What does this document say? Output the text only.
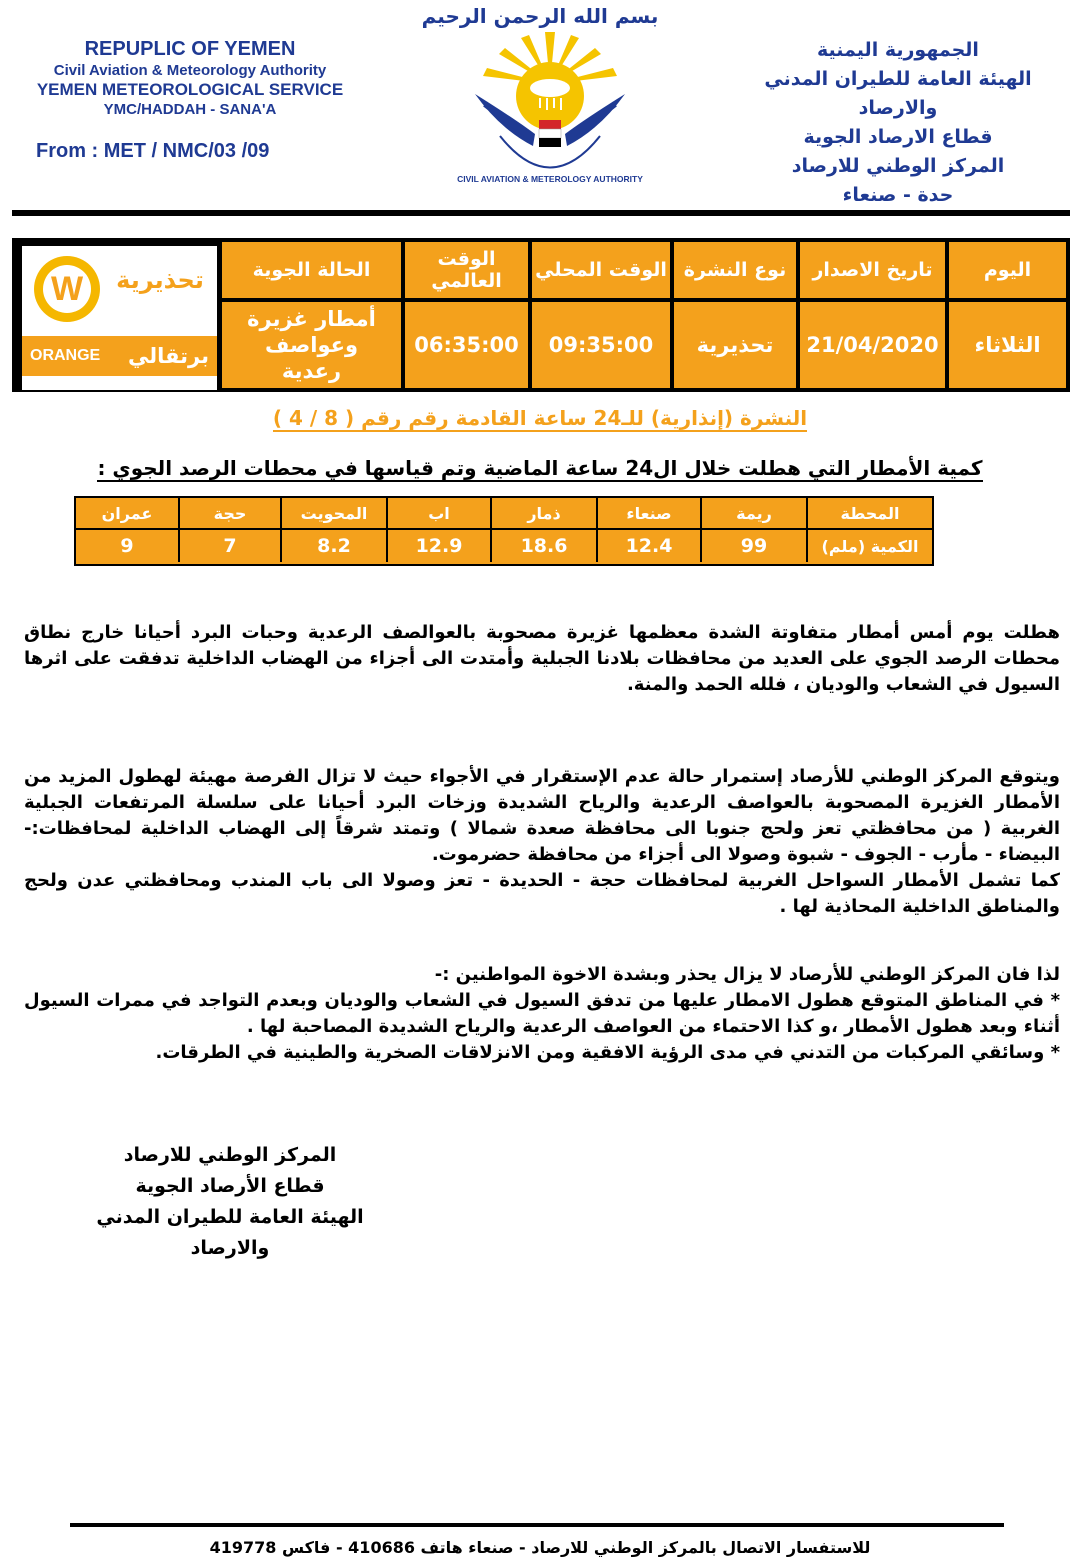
بسم الله الرحمن الرحيم
REPUPLIC OF YEMEN
Civil Aviation & Meteorology Authority
YEMEN METEOROLOGICAL SERVICE
YMC/HADDAH - SANA'A
From : MET / NMC/03 /09
الجمهورية اليمنية
الهيئة العامة للطيران المدني والارصاد
قطاع الارصاد الجوية
المركز الوطني للارصاد
حدة - صنعاء
CIVIL AVIATION & METEROLOGY AUTHORITY
اليوم
تاريخ الاصدار
نوع النشرة
الوقت المحلي
الوقت العالمي
الحالة الجوية
الثلاثاء
21/04/2020
تحذيرية
09:35:00
06:35:00
أمطار غزيرة وعواصف رعدية
W	تحذيرية
ORANGE برتقالي
النشرة (إنذارية) للـ24 ساعة القادمة رقم رقم ( 8 / 4 )
كمية الأمطار التي هطلت خلال ال24 ساعة الماضية وتم قياسها في محطات الرصد الجوي :
المحطة
ريمة
صنعاء
ذمار
اب
المحويت
حجة
عمران
الكمية (ملم)
99
12.4
18.6
12.9
8.2
7
9

هطلت يوم أمس أمطار متفاوتة الشدة معظمها غزيرة مصحوبة بالعوالصف الرعدية وحبات البرد أحيانا خارج نطاق محطات الرصد الجوي على العديد من محافظات بلادنا الجبلية وأمتدت الى أجزاء من الهضاب الداخلية تدفقت على اثرها السيول في الشعاب والوديان ، فلله الحمد والمنة.

ويتوقع المركز الوطني للأرصاد إستمرار حالة عدم الإستقرار في الأجواء حيث لا تزال الفرصة مهيئة لهطول المزيد من الأمطار الغزيرة المصحوبة بالعواصف الرعدية والرياح الشديدة وزخات البرد أحيانا على سلسلة المرتفعات الجبلية الغربية ( من محافظتي تعز ولحج جنوبا الى محافظة صعدة شمالا ) وتمتد شرقاً إلى الهضاب الداخلية لمحافظات:- البيضاء - مأرب - الجوف - شبوة وصولا الى أجزاء من محافظة حضرموت.

كما تشمل الأمطار السواحل الغربية لمحافظات حجة - الحديدة - تعز وصولا الى باب المندب ومحافظتي عدن ولحج والمناطق الداخلية المحاذية لها .

لذا فان المركز الوطني للأرصاد لا يزال يحذر وبشدة الاخوة المواطنين :-

* في المناطق المتوقع هطول الامطار عليها من تدفق السيول في الشعاب والوديان وبعدم التواجد في ممرات السيول أثناء وبعد هطول الأمطار ،و كذا الاحتماء من العواصف الرعدية والرياح الشديدة المصاحبة لها .

* وسائقي المركبات من التدني في مدى الرؤية الافقية ومن الانزلاقات الصخرية والطينية في الطرقات.

المركز الوطني للارصاد
قطاع الأرصاد الجوية
الهيئة العامة للطيران المدني والارصاد
للاستفسار الاتصال بالمركز الوطني للارصاد - صنعاء هاتف 410686 - فاكس 419778
